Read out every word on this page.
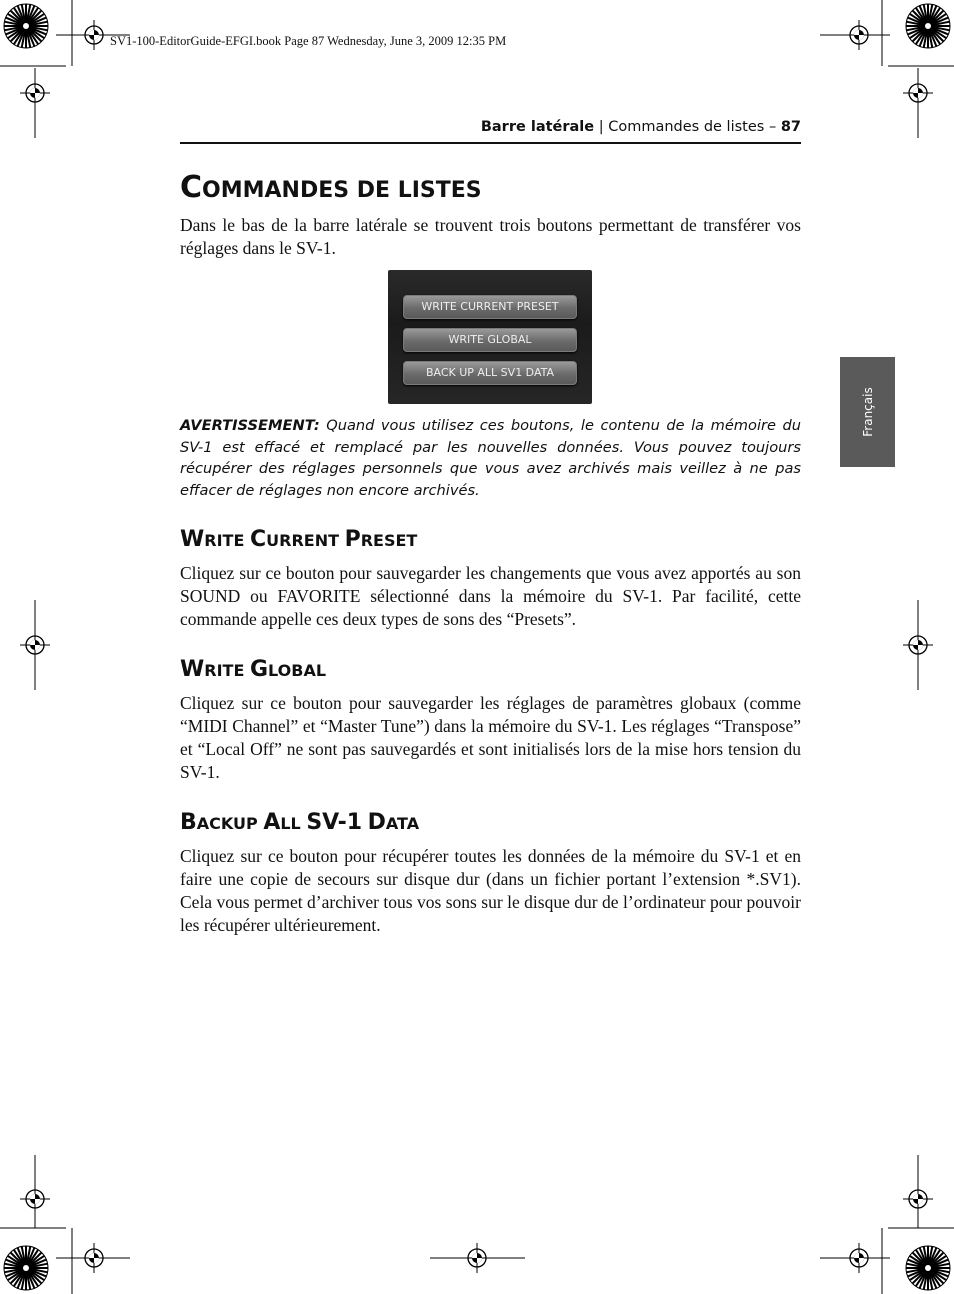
SV1-100-EditorGuide-EFGI.book Page 87 Wednesday, June 3, 2009 12:35 PM
Barre latérale | Commandes de listes – 87
COMMANDES DE LISTES

Dans le bas de la barre latérale se trouvent trois boutons permettant de transférer vos réglages dans le SV-1.

WRITE CURRENT PRESET
WRITE GLOBAL
BACK UP ALL SV1 DATA

AVERTISSEMENT: Quand vous utilisez ces boutons, le contenu de la mémoire du SV-1 est effacé et remplacé par les nouvelles données. Vous pouvez toujours récupérer des réglages personnels que vous avez archivés mais veillez à ne pas effacer de réglages non encore archivés.

WRITE CURRENT PRESET

Cliquez sur ce bouton pour sauvegarder les changements que vous avez apportés au son SOUND ou FAVORITE sélectionné dans la mémoire du SV-1. Par facilité, cette commande appelle ces deux types de sons des “Presets”.

WRITE GLOBAL

Cliquez sur ce bouton pour sauvegarder les réglages de paramètres globaux (comme “MIDI Channel” et “Master Tune”) dans la mémoire du SV-1. Les réglages “Transpose” et “Local Off” ne sont pas sauvegardés et sont initialisés lors de la mise hors tension du SV-1.

BACKUP ALL SV-1 DATA

Cliquez sur ce bouton pour récupérer toutes les données de la mémoire du SV-1 et en faire une copie de secours sur disque dur (dans un fichier portant l’extension *.SV1). Cela vous permet d’archiver tous vos sons sur le disque dur de l’ordinateur pour pouvoir les récupérer ultérieurement.

Français
